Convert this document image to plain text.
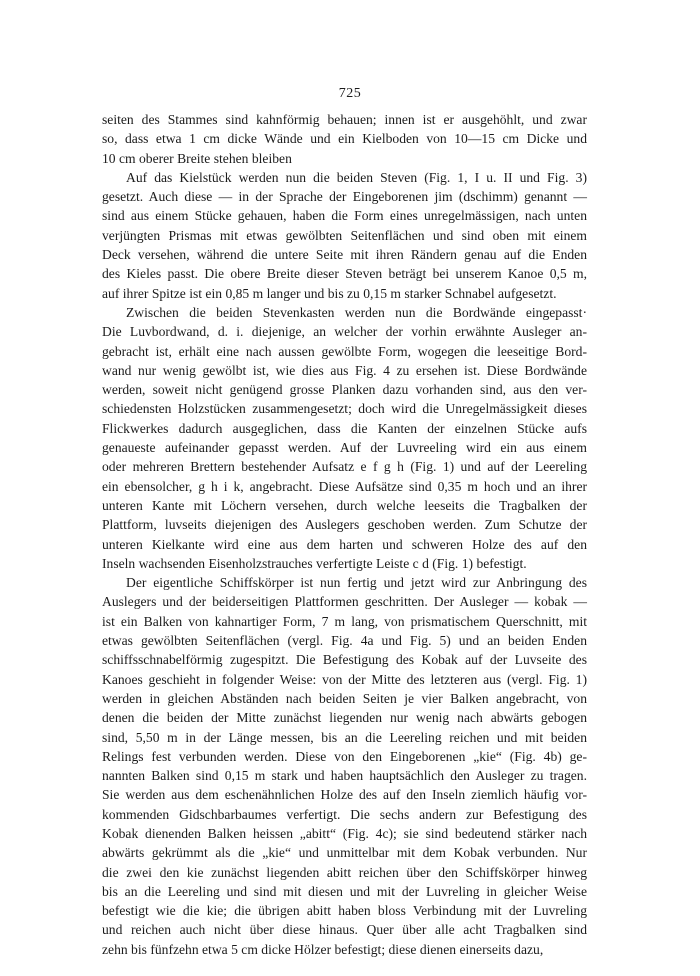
725

seiten des Stammes sind kahnförmig behauen; innen ist er ausgehöhlt, und zwar
so, dass etwa 1 cm dicke Wände und ein Kielboden von 10—15 cm Dicke und
10 cm oberer Breite stehen bleiben

Auf das Kielstück werden nun die beiden Steven (Fig. 1, I u. II und Fig. 3)
gesetzt. Auch diese — in der Sprache der Eingeborenen jim (dschimm) genannt —
sind aus einem Stücke gehauen, haben die Form eines unregelmässigen, nach unten
verjüngten Prismas mit etwas gewölbten Seitenflächen und sind oben mit einem
Deck versehen, während die untere Seite mit ihren Rändern genau auf die Enden
des Kieles passt. Die obere Breite dieser Steven beträgt bei unserem Kanoe 0,5 m,
auf ihrer Spitze ist ein 0,85 m langer und bis zu 0,15 m starker Schnabel aufgesetzt.

Zwischen die beiden Stevenkasten werden nun die Bordwände eingepasst·
Die Luvbordwand, d. i. diejenige, an welcher der vorhin erwähnte Ausleger an-
gebracht ist, erhält eine nach aussen gewölbte Form, wogegen die leeseitige Bord-
wand nur wenig gewölbt ist, wie dies aus Fig. 4 zu ersehen ist. Diese Bordwände
werden, soweit nicht genügend grosse Planken dazu vorhanden sind, aus den ver-
schiedensten Holzstücken zusammengesetzt; doch wird die Unregelmässigkeit dieses
Flickwerkes dadurch ausgeglichen, dass die Kanten der einzelnen Stücke aufs
genaueste aufeinander gepasst werden. Auf der Luvreeling wird ein aus einem
oder mehreren Brettern bestehender Aufsatz e f g h (Fig. 1) und auf der Leereling
ein ebensolcher, g h i k, angebracht. Diese Aufsätze sind 0,35 m hoch und an ihrer
unteren Kante mit Löchern versehen, durch welche leeseits die Tragbalken der
Plattform, luvseits diejenigen des Auslegers geschoben werden. Zum Schutze der
unteren Kielkante wird eine aus dem harten und schweren Holze des auf den
Inseln wachsenden Eisenholzstrauches verfertigte Leiste c d (Fig. 1) befestigt.

Der eigentliche Schiffskörper ist nun fertig und jetzt wird zur Anbringung des
Auslegers und der beiderseitigen Plattformen geschritten. Der Ausleger — kobak —
ist ein Balken von kahnartiger Form, 7 m lang, von prismatischem Querschnitt, mit
etwas gewölbten Seitenflächen (vergl. Fig. 4a und Fig. 5) und an beiden Enden
schiffsschnabelförmig zugespitzt. Die Befestigung des Kobak auf der Luvseite des
Kanoes geschieht in folgender Weise: von der Mitte des letzteren aus (vergl. Fig. 1)
werden in gleichen Abständen nach beiden Seiten je vier Balken angebracht, von
denen die beiden der Mitte zunächst liegenden nur wenig nach abwärts gebogen
sind, 5,50 m in der Länge messen, bis an die Leereling reichen und mit beiden
Relings fest verbunden werden. Diese von den Eingeborenen „kie“ (Fig. 4b) ge-
nannten Balken sind 0,15 m stark und haben hauptsächlich den Ausleger zu tragen.
Sie werden aus dem eschenähnlichen Holze des auf den Inseln ziemlich häufig vor-
kommenden Gidschbarbaumes verfertigt. Die sechs andern zur Befestigung des
Kobak dienenden Balken heissen „abitt“ (Fig. 4c); sie sind bedeutend stärker nach
abwärts gekrümmt als die „kie“ und unmittelbar mit dem Kobak verbunden. Nur
die zwei den kie zunächst liegenden abitt reichen über den Schiffskörper hinweg
bis an die Leereling und sind mit diesen und mit der Luvreling in gleicher Weise
befestigt wie die kie; die übrigen abitt haben bloss Verbindung mit der Luvreling
und reichen auch nicht über diese hinaus. Quer über alle acht Tragbalken sind
zehn bis fünfzehn etwa 5 cm dicke Hölzer befestigt; diese dienen einerseits dazu,
